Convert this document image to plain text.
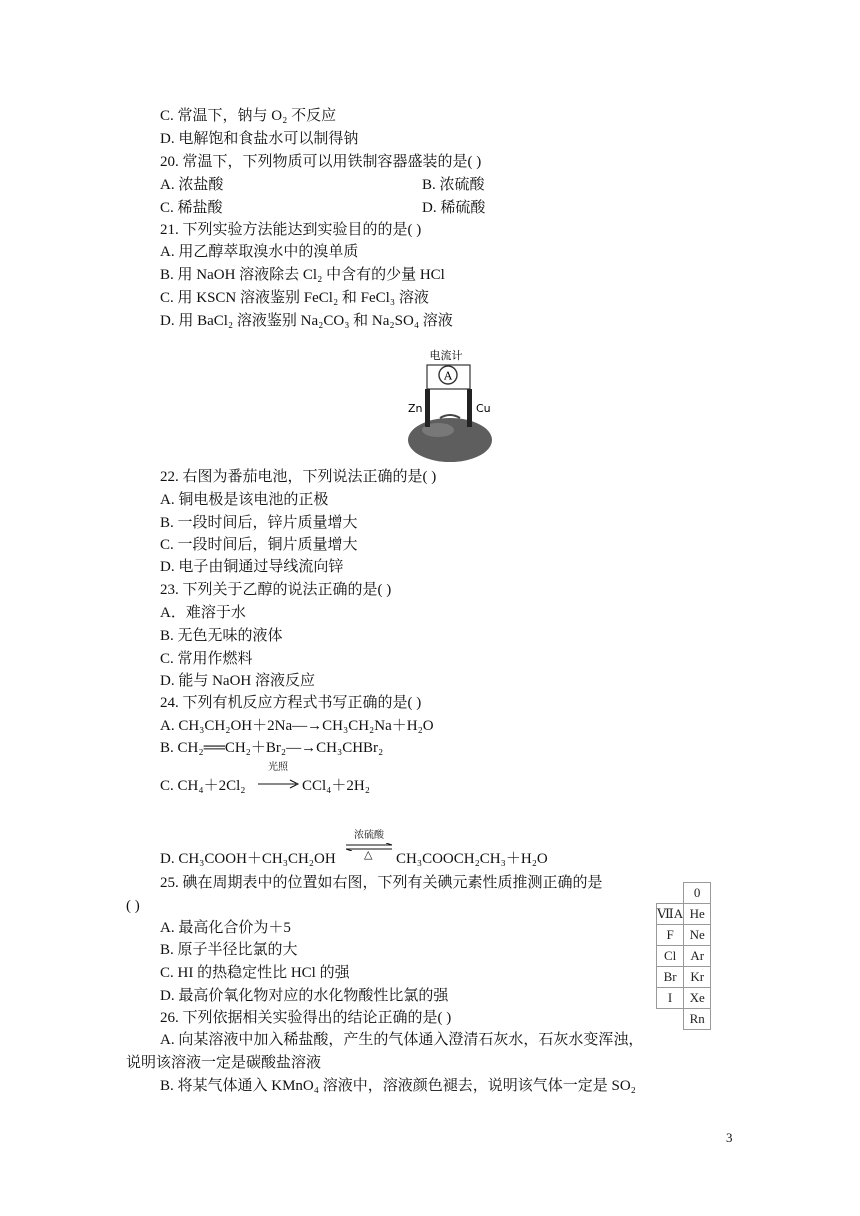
C. 常温下，钠与 O₂ 不反应
D. 电解饱和食盐水可以制得钠
20. 常温下，下列物质可以用铁制容器盛装的是( )
A. 浓盐酸	B. 浓硫酸
C. 稀盐酸	D. 稀硫酸
21. 下列实验方法能达到实验目的的是( )
A. 用乙醇萃取溴水中的溴单质
B. 用 NaOH 溶液除去 Cl₂ 中含有的少量 HCl
C. 用 KSCN 溶液鉴别 FeCl₂ 和 FeCl₃ 溶液
D. 用 BaCl₂ 溶液鉴别 Na₂CO₃ 和 Na₂SO₄ 溶液
电流计
A
Zn	Cu
22. 右图为番茄电池，下列说法正确的是( )
A. 铜电极是该电池的正极
B. 一段时间后，锌片质量增大
C. 一段时间后，铜片质量增大
D. 电子由铜通过导线流向锌
23. 下列关于乙醇的说法正确的是( )
A．难溶于水
B. 无色无味的液体
C. 常用作燃料
D. 能与 NaOH 溶液反应
24. 下列有机反应方程式书写正确的是( )
A. CH₃CH₂OH＋2Na―→CH₃CH₂Na＋H₂O
B. CH₂══CH₂＋Br₂―→CH₃CHBr₂
C. CH₄＋2Cl₂
光照
→ CCl₄＋2H₂
D. CH₃COOH＋CH₃CH₂OH
浓硫酸
△ CH₃COOCH₂CH₃＋H₂O
25. 碘在周期表中的位置如右图，下列有关碘元素性质推测正确的是
( )
A. 最高化合价为＋5
B. 原子半径比氯的大
C. HI 的热稳定性比 HCl 的强
D. 最高价氧化物对应的水化物酸性比氯的强
	0
ⅦA	He
F	Ne
Cl	Ar
Br	Kr
I	Xe
	Rn
26. 下列依据相关实验得出的结论正确的是( )
A. 向某溶液中加入稀盐酸，产生的气体通入澄清石灰水，石灰水变浑浊，
说明该溶液一定是碳酸盐溶液
B. 将某气体通入 KMnO₄ 溶液中，溶液颜色褪去，说明该气体一定是 SO₂
3
